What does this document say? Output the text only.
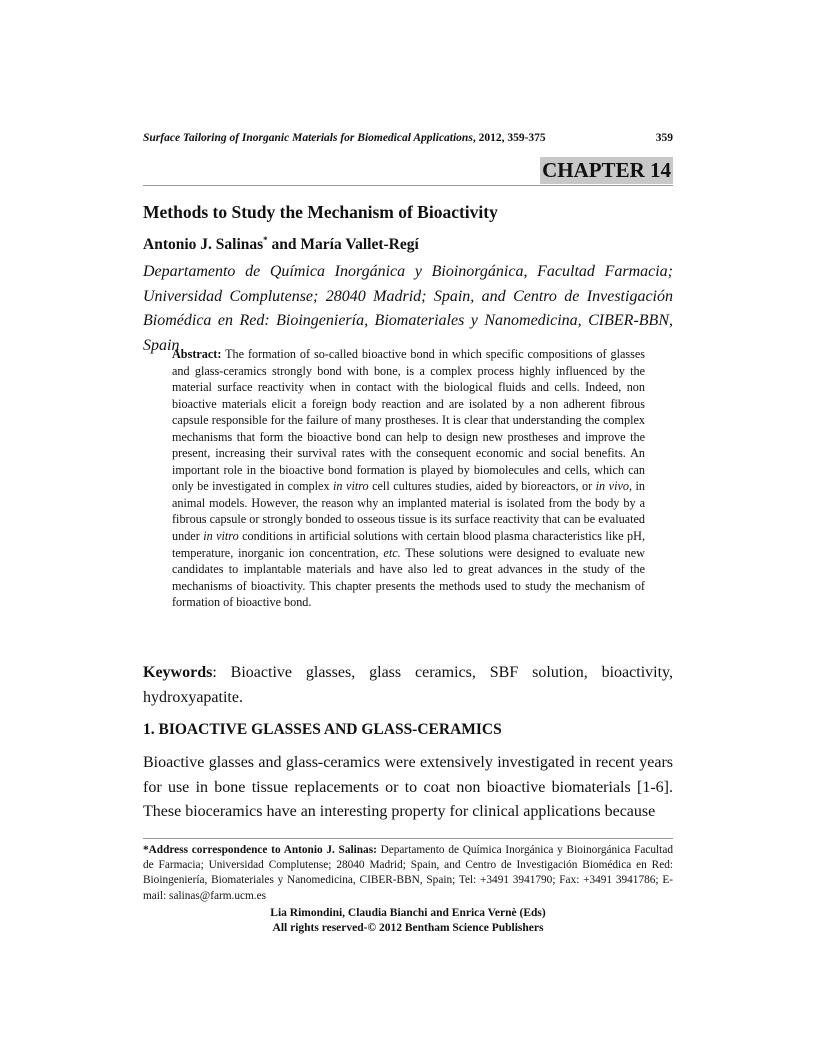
Surface Tailoring of Inorganic Materials for Biomedical Applications, 2012, 359-375	359
CHAPTER 14
Methods to Study the Mechanism of Bioactivity
Antonio J. Salinas* and María Vallet-Regí
Departamento de Química Inorgánica y Bioinorgánica, Facultad Farmacia; Universidad Complutense; 28040 Madrid; Spain, and Centro de Investigación Biomédica en Red: Bioingeniería, Biomateriales y Nanomedicina, CIBER-BBN, Spain
Abstract: The formation of so-called bioactive bond in which specific compositions of glasses and glass-ceramics strongly bond with bone, is a complex process highly influenced by the material surface reactivity when in contact with the biological fluids and cells. Indeed, non bioactive materials elicit a foreign body reaction and are isolated by a non adherent fibrous capsule responsible for the failure of many prostheses. It is clear that understanding the complex mechanisms that form the bioactive bond can help to design new prostheses and improve the present, increasing their survival rates with the consequent economic and social benefits. An important role in the bioactive bond formation is played by biomolecules and cells, which can only be investigated in complex in vitro cell cultures studies, aided by bioreactors, or in vivo, in animal models. However, the reason why an implanted material is isolated from the body by a fibrous capsule or strongly bonded to osseous tissue is its surface reactivity that can be evaluated under in vitro conditions in artificial solutions with certain blood plasma characteristics like pH, temperature, inorganic ion concentration, etc. These solutions were designed to evaluate new candidates to implantable materials and have also led to great advances in the study of the mechanisms of bioactivity. This chapter presents the methods used to study the mechanism of formation of bioactive bond.
Keywords: Bioactive glasses, glass ceramics, SBF solution, bioactivity, hydroxyapatite.
1. BIOACTIVE GLASSES AND GLASS-CERAMICS
Bioactive glasses and glass-ceramics were extensively investigated in recent years for use in bone tissue replacements or to coat non bioactive biomaterials [1-6]. These bioceramics have an interesting property for clinical applications because
*Address correspondence to Antonio J. Salinas: Departamento de Química Inorgánica y Bioinorgánica Facultad de Farmacia; Universidad Complutense; 28040 Madrid; Spain, and Centro de Investigación Biomédica en Red: Bioingeniería, Biomateriales y Nanomedicina, CIBER-BBN, Spain; Tel: +3491 3941790; Fax: +3491 3941786; E-mail: salinas@farm.ucm.es
Lia Rimondini, Claudia Bianchi and Enrica Vernè (Eds)
All rights reserved-© 2012 Bentham Science Publishers
